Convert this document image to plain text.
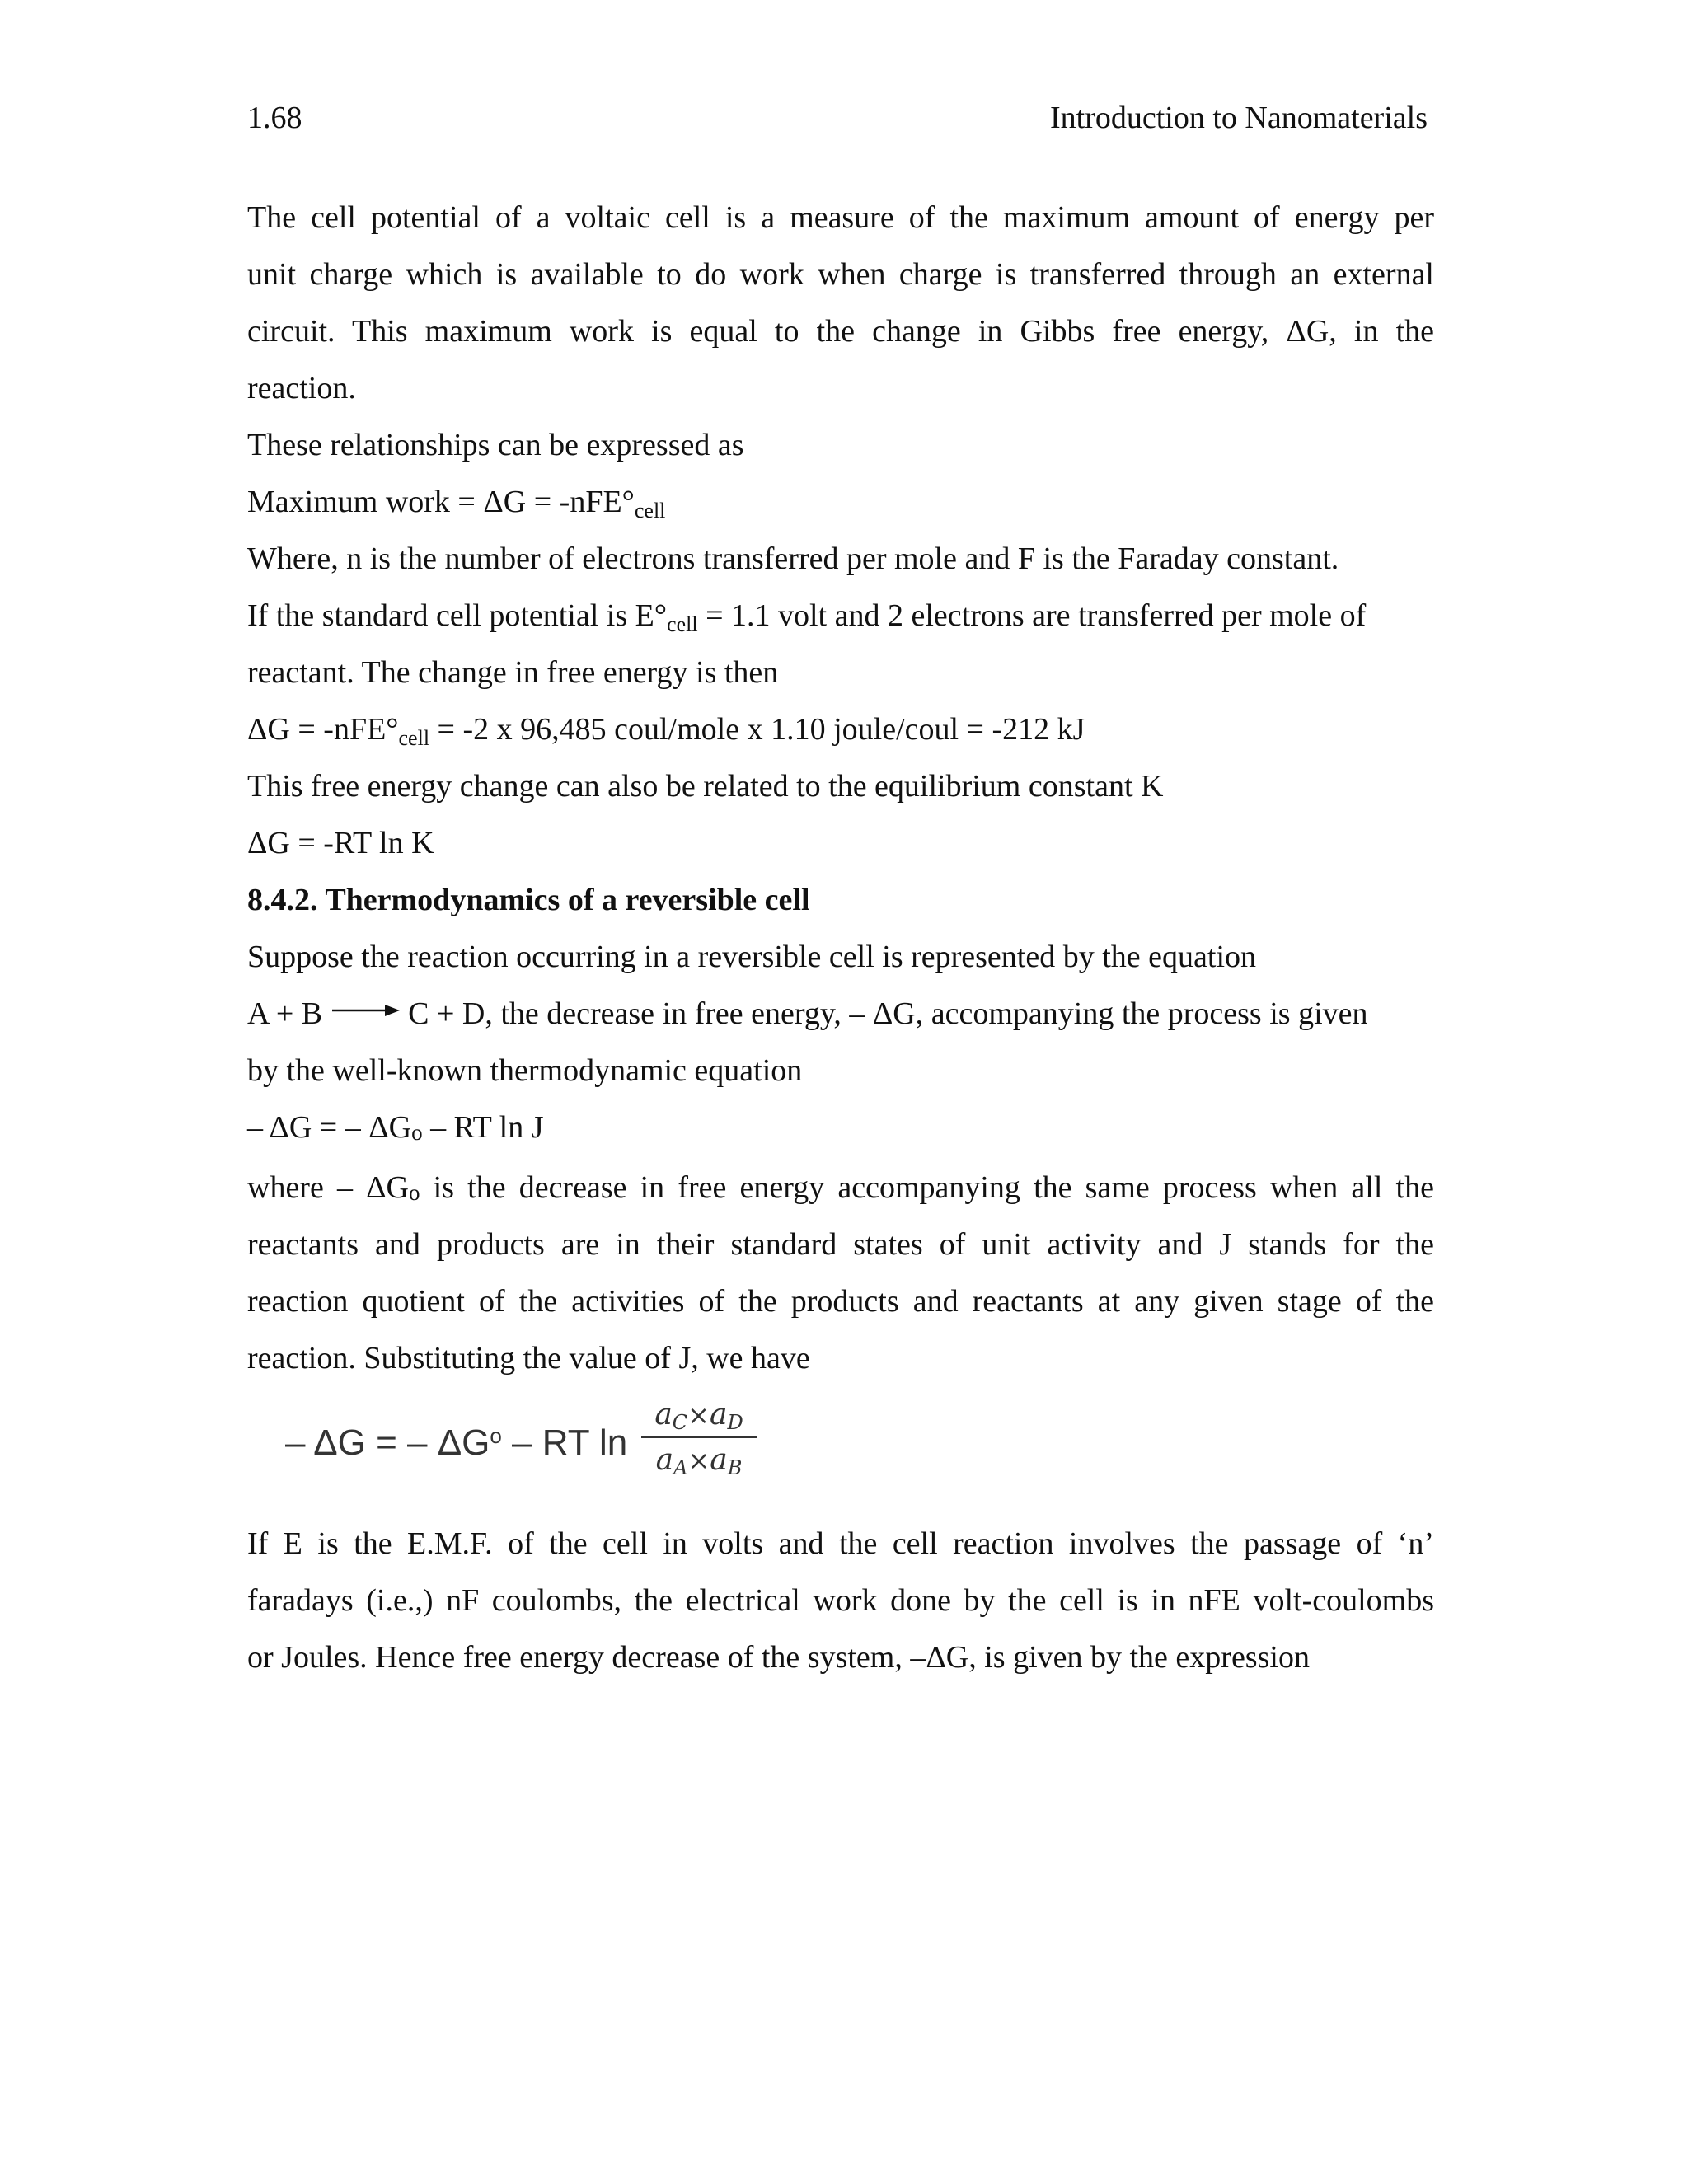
1.68	Introduction to Nanomaterials
The cell potential of a voltaic cell is a measure of the maximum amount of energy per
unit charge which is available to do work when charge is transferred through an external
circuit. This maximum work is equal to the change in Gibbs free energy, ΔG, in the
reaction.
These relationships can be expressed as
Maximum work = $\Delta G = -nFE^\circ_{cell}$
Where, n is the number of electrons transferred per mole and F is the Faraday constant.
If the standard cell potential is $E^\circ_{cell} = 1.1$ volt and 2 electrons are transferred per mole of
reactant. The change in free energy is then
$\Delta G = -nFE^\circ_{cell} = -2$ x 96,485 coul/mole x 1.10 joule/coul = -212 kJ
This free energy change can also be related to the equilibrium constant K
ΔG = -RT ln K
8.4.2. Thermodynamics of a reversible cell
Suppose the reaction occurring in a reversible cell is represented by the equation
A + B → C + D, the decrease in free energy, – ΔG, accompanying the process is given
by the well-known thermodynamic equation
– ΔG = – ΔGo – RT ln J
where – ΔGo is the decrease in free energy accompanying the same process when all the
reactants and products are in their standard states of unit activity and J stands for the
reaction quotient of the activities of the products and reactants at any given stage of the
reaction. Substituting the value of J, we have
– ΔG = – $\Delta G^o$ – RT $\ln \frac{aC\times aD}{aA\times aB}$
If E is the E.M.F. of the cell in volts and the cell reaction involves the passage of ‘n’
faradays (i.e.,) nF coulombs, the electrical work done by the cell is in nFE volt-coulombs
or Joules. Hence free energy decrease of the system, –ΔG, is given by the expression
